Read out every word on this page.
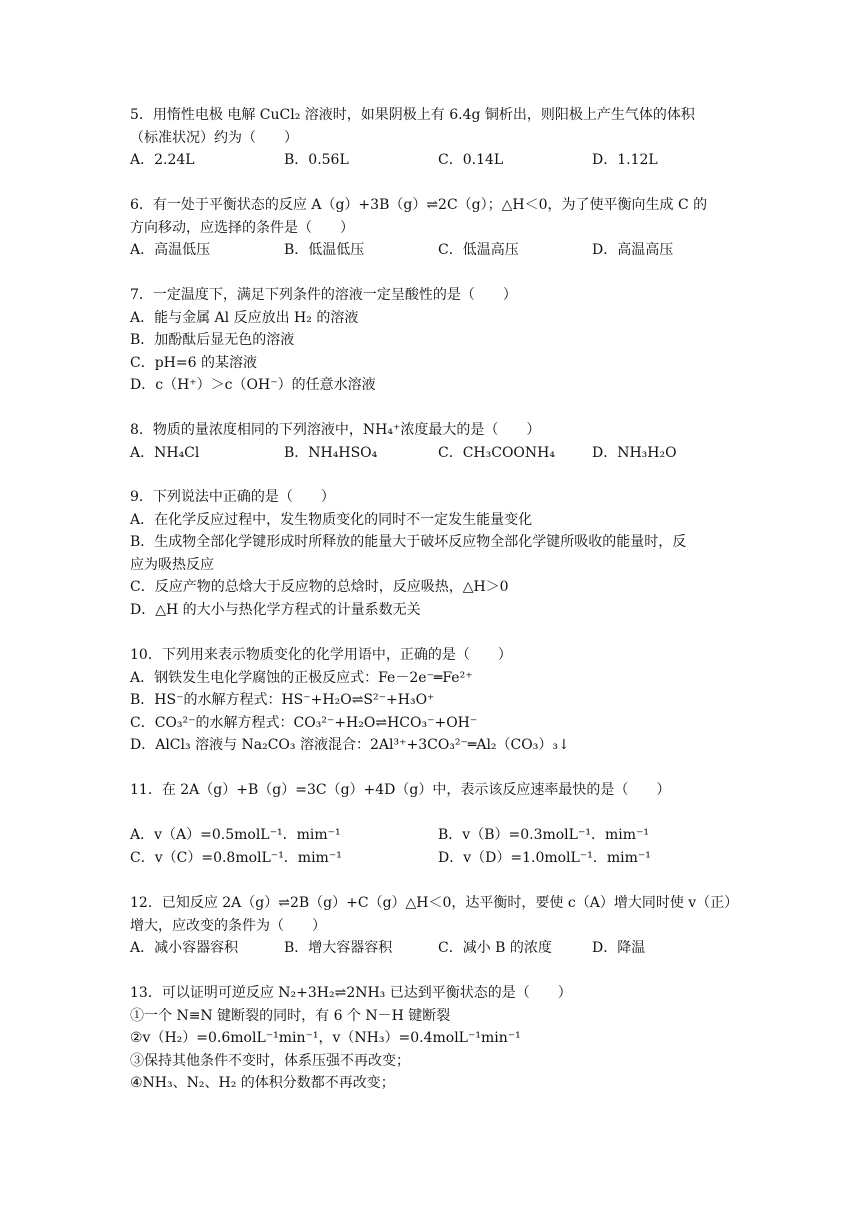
5．用惰性电极 电解 CuCl₂ 溶液时，如果阴极上有 6.4g 铜析出，则阳极上产生气体的体积
（标准状况）约为（　　）
A．2.24L	B．0.56L	C．0.14L	D．1.12L
6．有一处于平衡状态的反应 A（g）+3B（g）⇌2C（g）；△H＜0，为了使平衡向生成 C 的
方向移动，应选择的条件是（　　）
A．高温低压	B．低温低压	C．低温高压	D．高温高压
7．一定温度下，满足下列条件的溶液一定呈酸性的是（　　）
A．能与金属 Al 反应放出 H₂ 的溶液
B．加酚酞后显无色的溶液
C．pH=6 的某溶液
D．c（H⁺）＞c（OH⁻）的任意水溶液
8．物质的量浓度相同的下列溶液中，NH₄⁺浓度最大的是（　　）
A．NH₄Cl	B．NH₄HSO₄	C．CH₃COONH₄	D．NH₃H₂O
9．下列说法中正确的是（　　）
A．在化学反应过程中，发生物质变化的同时不一定发生能量变化
B．生成物全部化学键形成时所释放的能量大于破坏反应物全部化学键所吸收的能量时，反
应为吸热反应
C．反应产物的总焓大于反应物的总焓时，反应吸热，△H＞0
D．△H 的大小与热化学方程式的计量系数无关
10．下列用来表示物质变化的化学用语中，正确的是（　　）
A．钢铁发生电化学腐蚀的正极反应式：Fe－2e⁻═Fe²⁺
B．HS⁻的水解方程式：HS⁻+H₂O⇌S²⁻+H₃O⁺
C．CO₃²⁻的水解方程式：CO₃²⁻+H₂O⇌HCO₃⁻+OH⁻
D．AlCl₃ 溶液与 Na₂CO₃ 溶液混合：2Al³⁺+3CO₃²⁻═Al₂（CO₃）₃↓
11．在 2A（g）+B（g）=3C（g）+4D（g）中，表示该反应速率最快的是（　　）
A．v（A）=0.5molL⁻¹．mim⁻¹	B．v（B）=0.3molL⁻¹．mim⁻¹
C．v（C）=0.8molL⁻¹．mim⁻¹	D．v（D）=1.0molL⁻¹．mim⁻¹
12．已知反应 2A（g）⇌2B（g）+C（g）△H＜0，达平衡时，要使 c（A）增大同时使 v（正）
增大，应改变的条件为（　　）
A．减小容器容积	B．增大容器容积	C．减小 B 的浓度	D．降温
13．可以证明可逆反应 N₂+3H₂⇌2NH₃ 已达到平衡状态的是（　　）
①一个 N≡N 键断裂的同时，有 6 个 N－H 键断裂
②v（H₂）=0.6molL⁻¹min⁻¹，v（NH₃）=0.4molL⁻¹min⁻¹
③保持其他条件不变时，体系压强不再改变；
④NH₃、N₂、H₂ 的体积分数都不再改变；
